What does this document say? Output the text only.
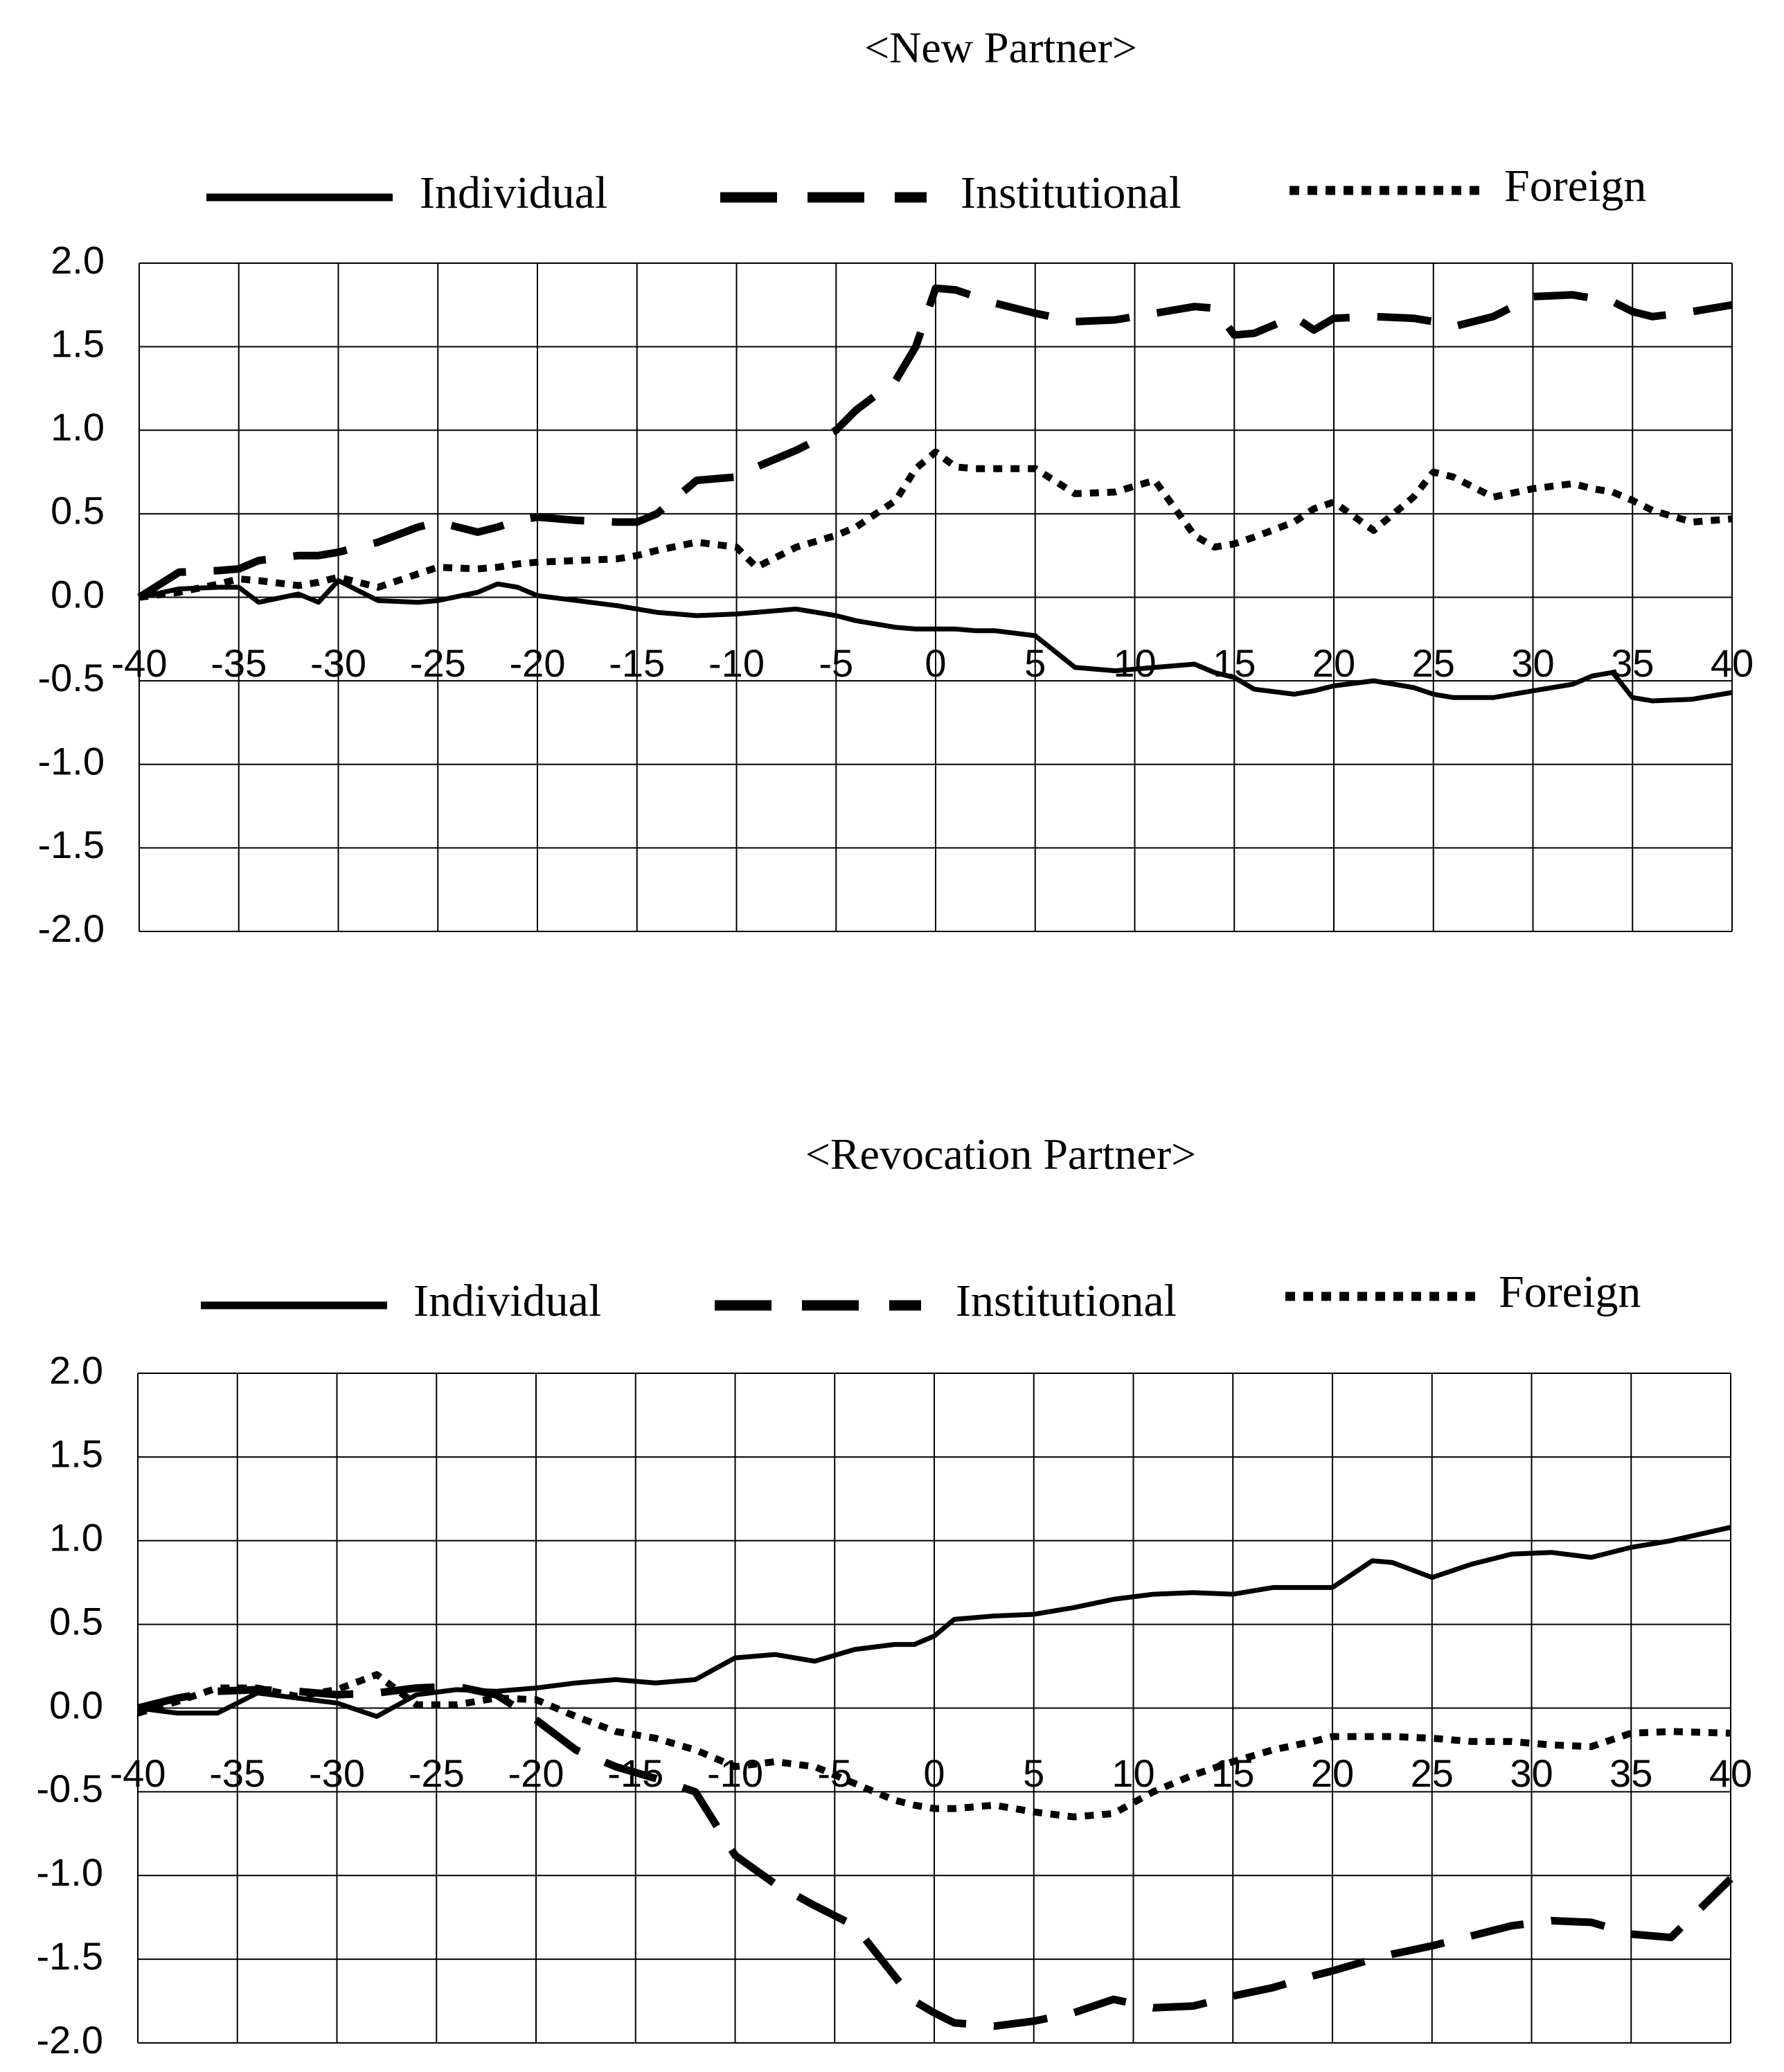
<New Partner>
Individual	Institutional	Foreign
2.0
1.5
1.0
0.5
0.0
-0.5
-1.0
-1.5
-2.0
-40 -35 -30 -25 -20 -15 -10 -5 0 5 10 15 20 25 30 35 40
<Revocation Partner>
Individual	Institutional	Foreign
2.0
1.5
1.0
0.5
0.0
-0.5
-1.0
-1.5
-2.0
-40 -35 -30 -25 -20 -15 -10 -5 0 5 10 15 20 25 30 35 40
